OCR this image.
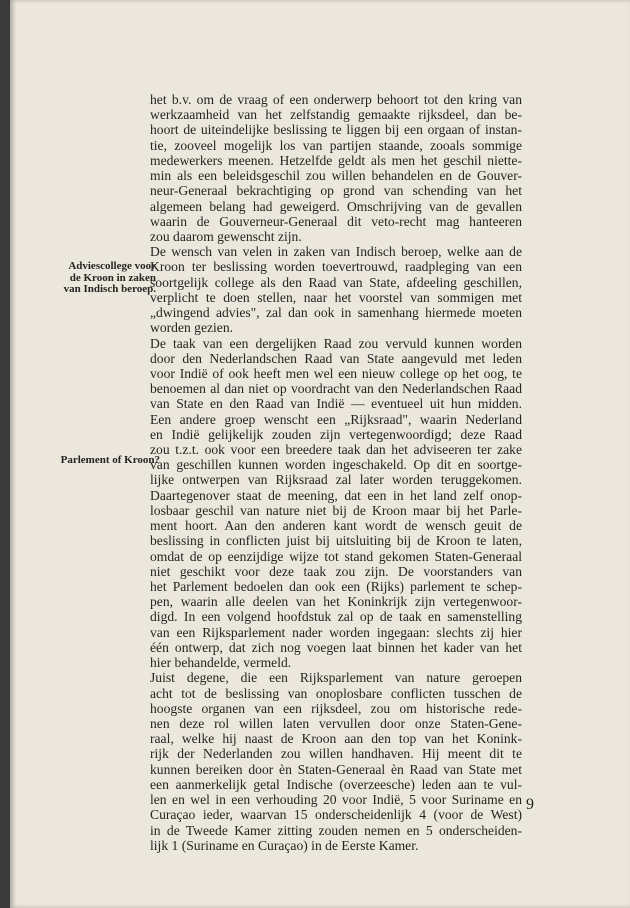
Adviescollege voor
de Kroon in zaken
van Indisch beroep.
Parlement of Kroon?
het b.v. om de vraag of een onderwerp behoort tot den kring van
werkzaamheid van het zelfstandig gemaakte rijksdeel, dan be-
hoort de uiteindelijke beslissing te liggen bij een orgaan of instan-
tie, zooveel mogelijk los van partijen staande, zooals sommige
medewerkers meenen. Hetzelfde geldt als men het geschil niette-
min als een beleidsgeschil zou willen behandelen en de Gouver-
neur-Generaal bekrachtiging op grond van schending van het
algemeen belang had geweigerd. Omschrijving van de gevallen
waarin de Gouverneur-Generaal dit veto-recht mag hanteeren
zou daarom gewenscht zijn.
De wensch van velen in zaken van Indisch beroep, welke aan de
Kroon ter beslissing worden toevertrouwd, raadpleging van een
soortgelijk college als den Raad van State, afdeeling geschillen,
verplicht te doen stellen, naar het voorstel van sommigen met
„dwingend advies", zal dan ook in samenhang hiermede moeten
worden gezien.
De taak van een dergelijken Raad zou vervuld kunnen worden
door den Nederlandschen Raad van State aangevuld met leden
voor Indië of ook heeft men wel een nieuw college op het oog, te
benoemen al dan niet op voordracht van den Nederlandschen Raad
van State en den Raad van Indië — eventueel uit hun midden.
Een andere groep wenscht een „Rijksraad", waarin Nederland
en Indië gelijkelijk zouden zijn vertegenwoordigd; deze Raad
zou t.z.t. ook voor een breedere taak dan het adviseeren ter zake
van geschillen kunnen worden ingeschakeld. Op dit en soortge-
lijke ontwerpen van Rijksraad zal later worden teruggekomen.
Daartegenover staat de meening, dat een in het land zelf onop-
losbaar geschil van nature niet bij de Kroon maar bij het Parle-
ment hoort. Aan den anderen kant wordt de wensch geuit de
beslissing in conflicten juist bij uitsluiting bij de Kroon te laten,
omdat de op eenzijdige wijze tot stand gekomen Staten-Generaal
niet geschikt voor deze taak zou zijn. De voorstanders van
het Parlement bedoelen dan ook een (Rijks) parlement te schep-
pen, waarin alle deelen van het Koninkrijk zijn vertegenwoor-
digd. In een volgend hoofdstuk zal op de taak en samenstelling
van een Rijksparlement nader worden ingegaan: slechts zij hier
één ontwerp, dat zich nog voegen laat binnen het kader van het
hier behandelde, vermeld.
Juist degene, die een Rijksparlement van nature geroepen
acht tot de beslissing van onoplosbare conflicten tusschen de
hoogste organen van een rijksdeel, zou om historische rede-
nen deze rol willen laten vervullen door onze Staten-Gene-
raal, welke hij naast de Kroon aan den top van het Konink-
rijk der Nederlanden zou willen handhaven. Hij meent dit te
kunnen bereiken door èn Staten-Generaal èn Raad van State met
een aanmerkelijk getal Indische (overzeesche) leden aan te vul-
len en wel in een verhouding 20 voor Indië, 5 voor Suriname en
Curaçao ieder, waarvan 15 onderscheidenlijk 4 (voor de West)
in de Tweede Kamer zitting zouden nemen en 5 onderscheiden-
lijk 1 (Suriname en Curaçao) in de Eerste Kamer.
9
